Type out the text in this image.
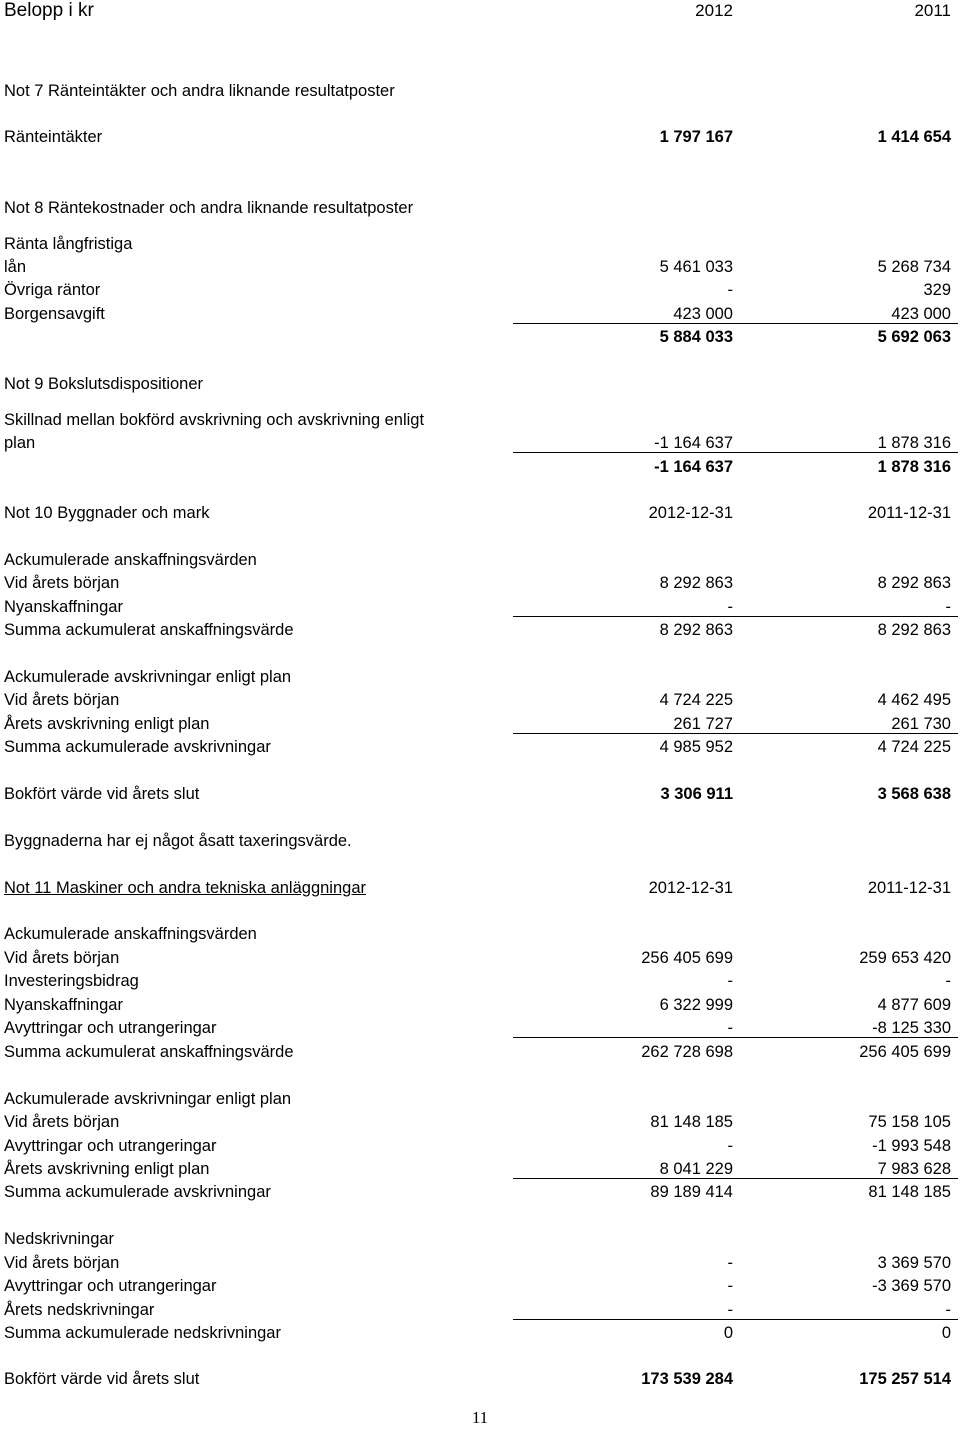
Belopp i kr	2012	2011
Not 7 Ränteintäkter och andra liknande resultatposter
Ränteintäkter	1 797 167	1 414 654
Not 8 Räntekostnader och andra liknande resultatposter
Ränta långfristiga
lån	5 461 033	5 268 734
Övriga räntor	-	329
Borgensavgift	423 000	423 000
5 884 033	5 692 063
Not 9 Bokslutsdispositioner
Skillnad mellan bokförd avskrivning och avskrivning enligt
plan	-1 164 637	1 878 316
-1 164 637	1 878 316
Not 10 Byggnader och mark	2012-12-31	2011-12-31
Ackumulerade anskaffningsvärden
Vid årets början	8 292 863	8 292 863
Nyanskaffningar	-	-
Summa ackumulerat anskaffningsvärde	8 292 863	8 292 863
Ackumulerade avskrivningar enligt plan
Vid årets början	4 724 225	4 462 495
Årets avskrivning enligt plan	261 727	261 730
Summa ackumulerade avskrivningar	4 985 952	4 724 225
Bokfört värde vid årets slut	3 306 911	3 568 638
Byggnaderna har ej något åsatt taxeringsvärde.
Not 11 Maskiner och andra tekniska anläggningar	2012-12-31	2011-12-31
Ackumulerade anskaffningsvärden
Vid årets början	256 405 699	259 653 420
Investeringsbidrag	-	-
Nyanskaffningar	6 322 999	4 877 609
Avyttringar och utrangeringar	-	-8 125 330
Summa ackumulerat anskaffningsvärde	262 728 698	256 405 699
Ackumulerade avskrivningar enligt plan
Vid årets början	81 148 185	75 158 105
Avyttringar och utrangeringar	-	-1 993 548
Årets avskrivning enligt plan	8 041 229	7 983 628
Summa ackumulerade avskrivningar	89 189 414	81 148 185
Nedskrivningar
Vid årets början	-	3 369 570
Avyttringar och utrangeringar	-	-3 369 570
Årets nedskrivningar	-	-
Summa ackumulerade nedskrivningar	0	0
Bokfört värde vid årets slut	173 539 284	175 257 514
11
